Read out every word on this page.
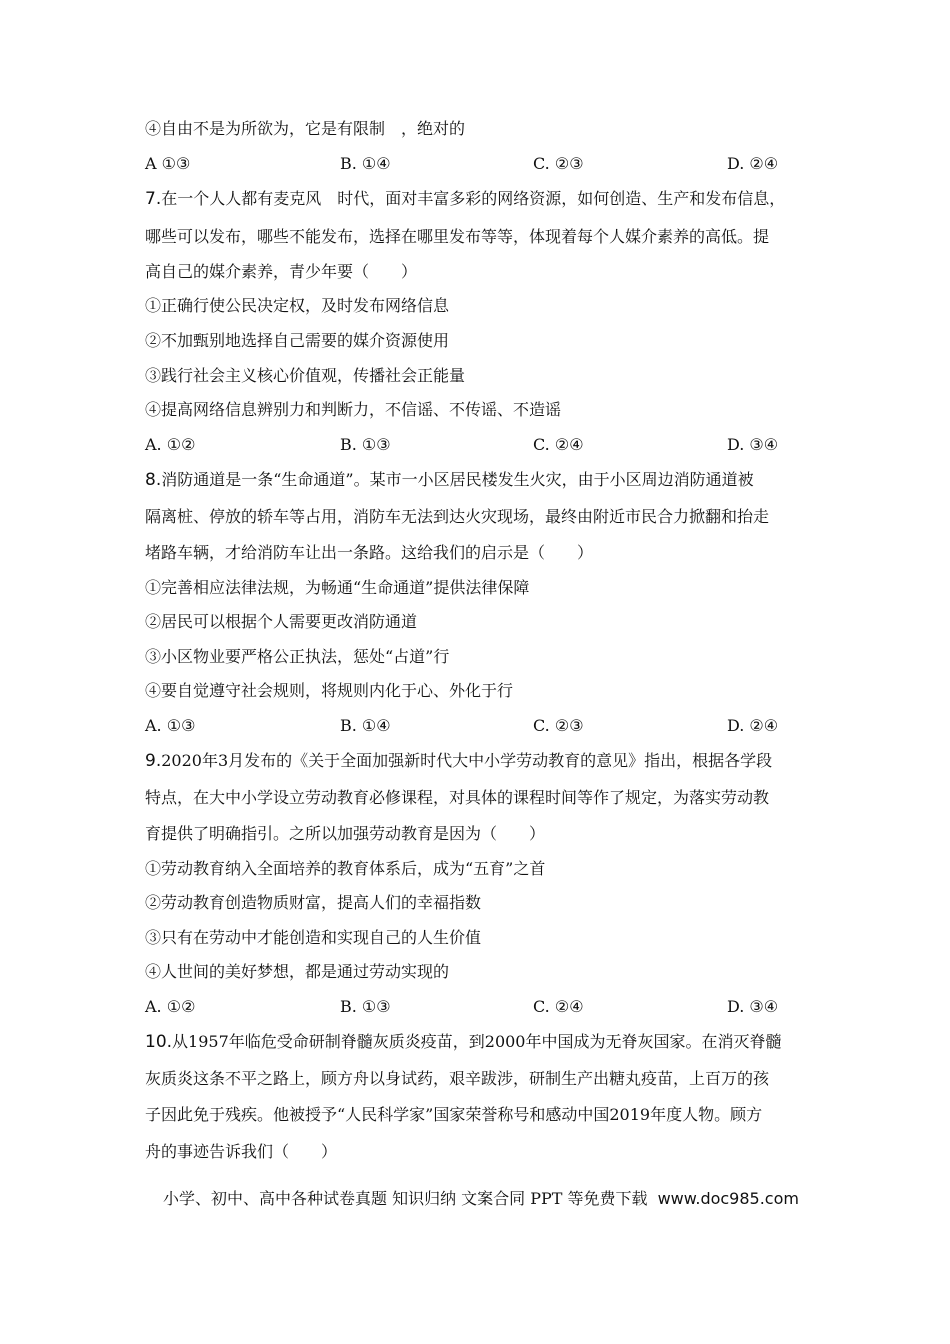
④自由不是为所欲为，它是有限制　，绝对的
A ①③	B. ①④	C. ②③	D. ②④
7.在一个人人都有麦克风　时代，面对丰富多彩的网络资源，如何创造、生产和发布信息，
哪些可以发布，哪些不能发布，选择在哪里发布等等，体现着每个人媒介素养的高低。提
高自己的媒介素养，青少年要（　　）
①正确行使公民决定权，及时发布网络信息
②不加甄别地选择自己需要的媒介资源使用
③践行社会主义核心价值观，传播社会正能量
④提高网络信息辨别力和判断力，不信谣、不传谣、不造谣
A. ①②	B. ①③	C. ②④	D. ③④
8.消防通道是一条“生命通道”。某市一小区居民楼发生火灾，由于小区周边消防通道被
隔离桩、停放的轿车等占用，消防车无法到达火灾现场，最终由附近市民合力掀翻和抬走
堵路车辆，才给消防车让出一条路。这给我们的启示是（　　）
①完善相应法律法规，为畅通“生命通道”提供法律保障
②居民可以根据个人需要更改消防通道
③小区物业要严格公正执法，惩处“占道”行
④要自觉遵守社会规则，将规则内化于心、外化于行
A. ①③	B. ①④	C. ②③	D. ②④
9.2020年3月发布的《关于全面加强新时代大中小学劳动教育的意见》指出，根据各学段
特点，在大中小学设立劳动教育必修课程，对具体的课程时间等作了规定，为落实劳动教
育提供了明确指引。之所以加强劳动教育是因为（　　）
①劳动教育纳入全面培养的教育体系后，成为“五育”之首
②劳动教育创造物质财富，提高人们的幸福指数
③只有在劳动中才能创造和实现自己的人生价值
④人世间的美好梦想，都是通过劳动实现的
A. ①②	B. ①③	C. ②④	D. ③④
10.从1957年临危受命研制脊髓灰质炎疫苗，到2000年中国成为无脊灰国家。在消灭脊髓
灰质炎这条不平之路上，顾方舟以身试药，艰辛跋涉，研制生产出糖丸疫苗，上百万的孩
子因此免于残疾。他被授予“人民科学家”国家荣誉称号和感动中国2019年度人物。顾方
舟的事迹告诉我们（　　）
小学、初中、高中各种试卷真题 知识归纳 文案合同 PPT 等免费下载 www.doc985.com
